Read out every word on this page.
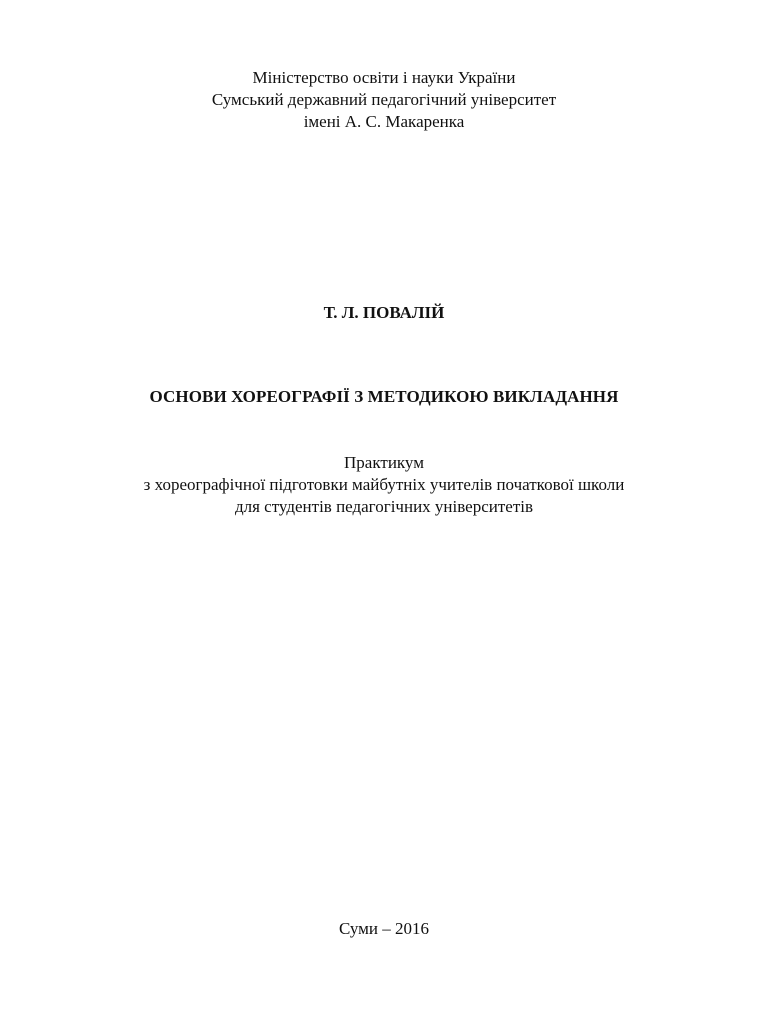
Міністерство освіти і науки України
Сумський державний педагогічний університет
імені А. С. Макаренка
Т. Л. ПОВАЛІЙ
ОСНОВИ ХОРЕОГРАФІЇ З МЕТОДИКОЮ ВИКЛАДАННЯ
Практикум
з хореографічної підготовки майбутніх учителів початкової школи
для студентів педагогічних університетів
Суми – 2016
